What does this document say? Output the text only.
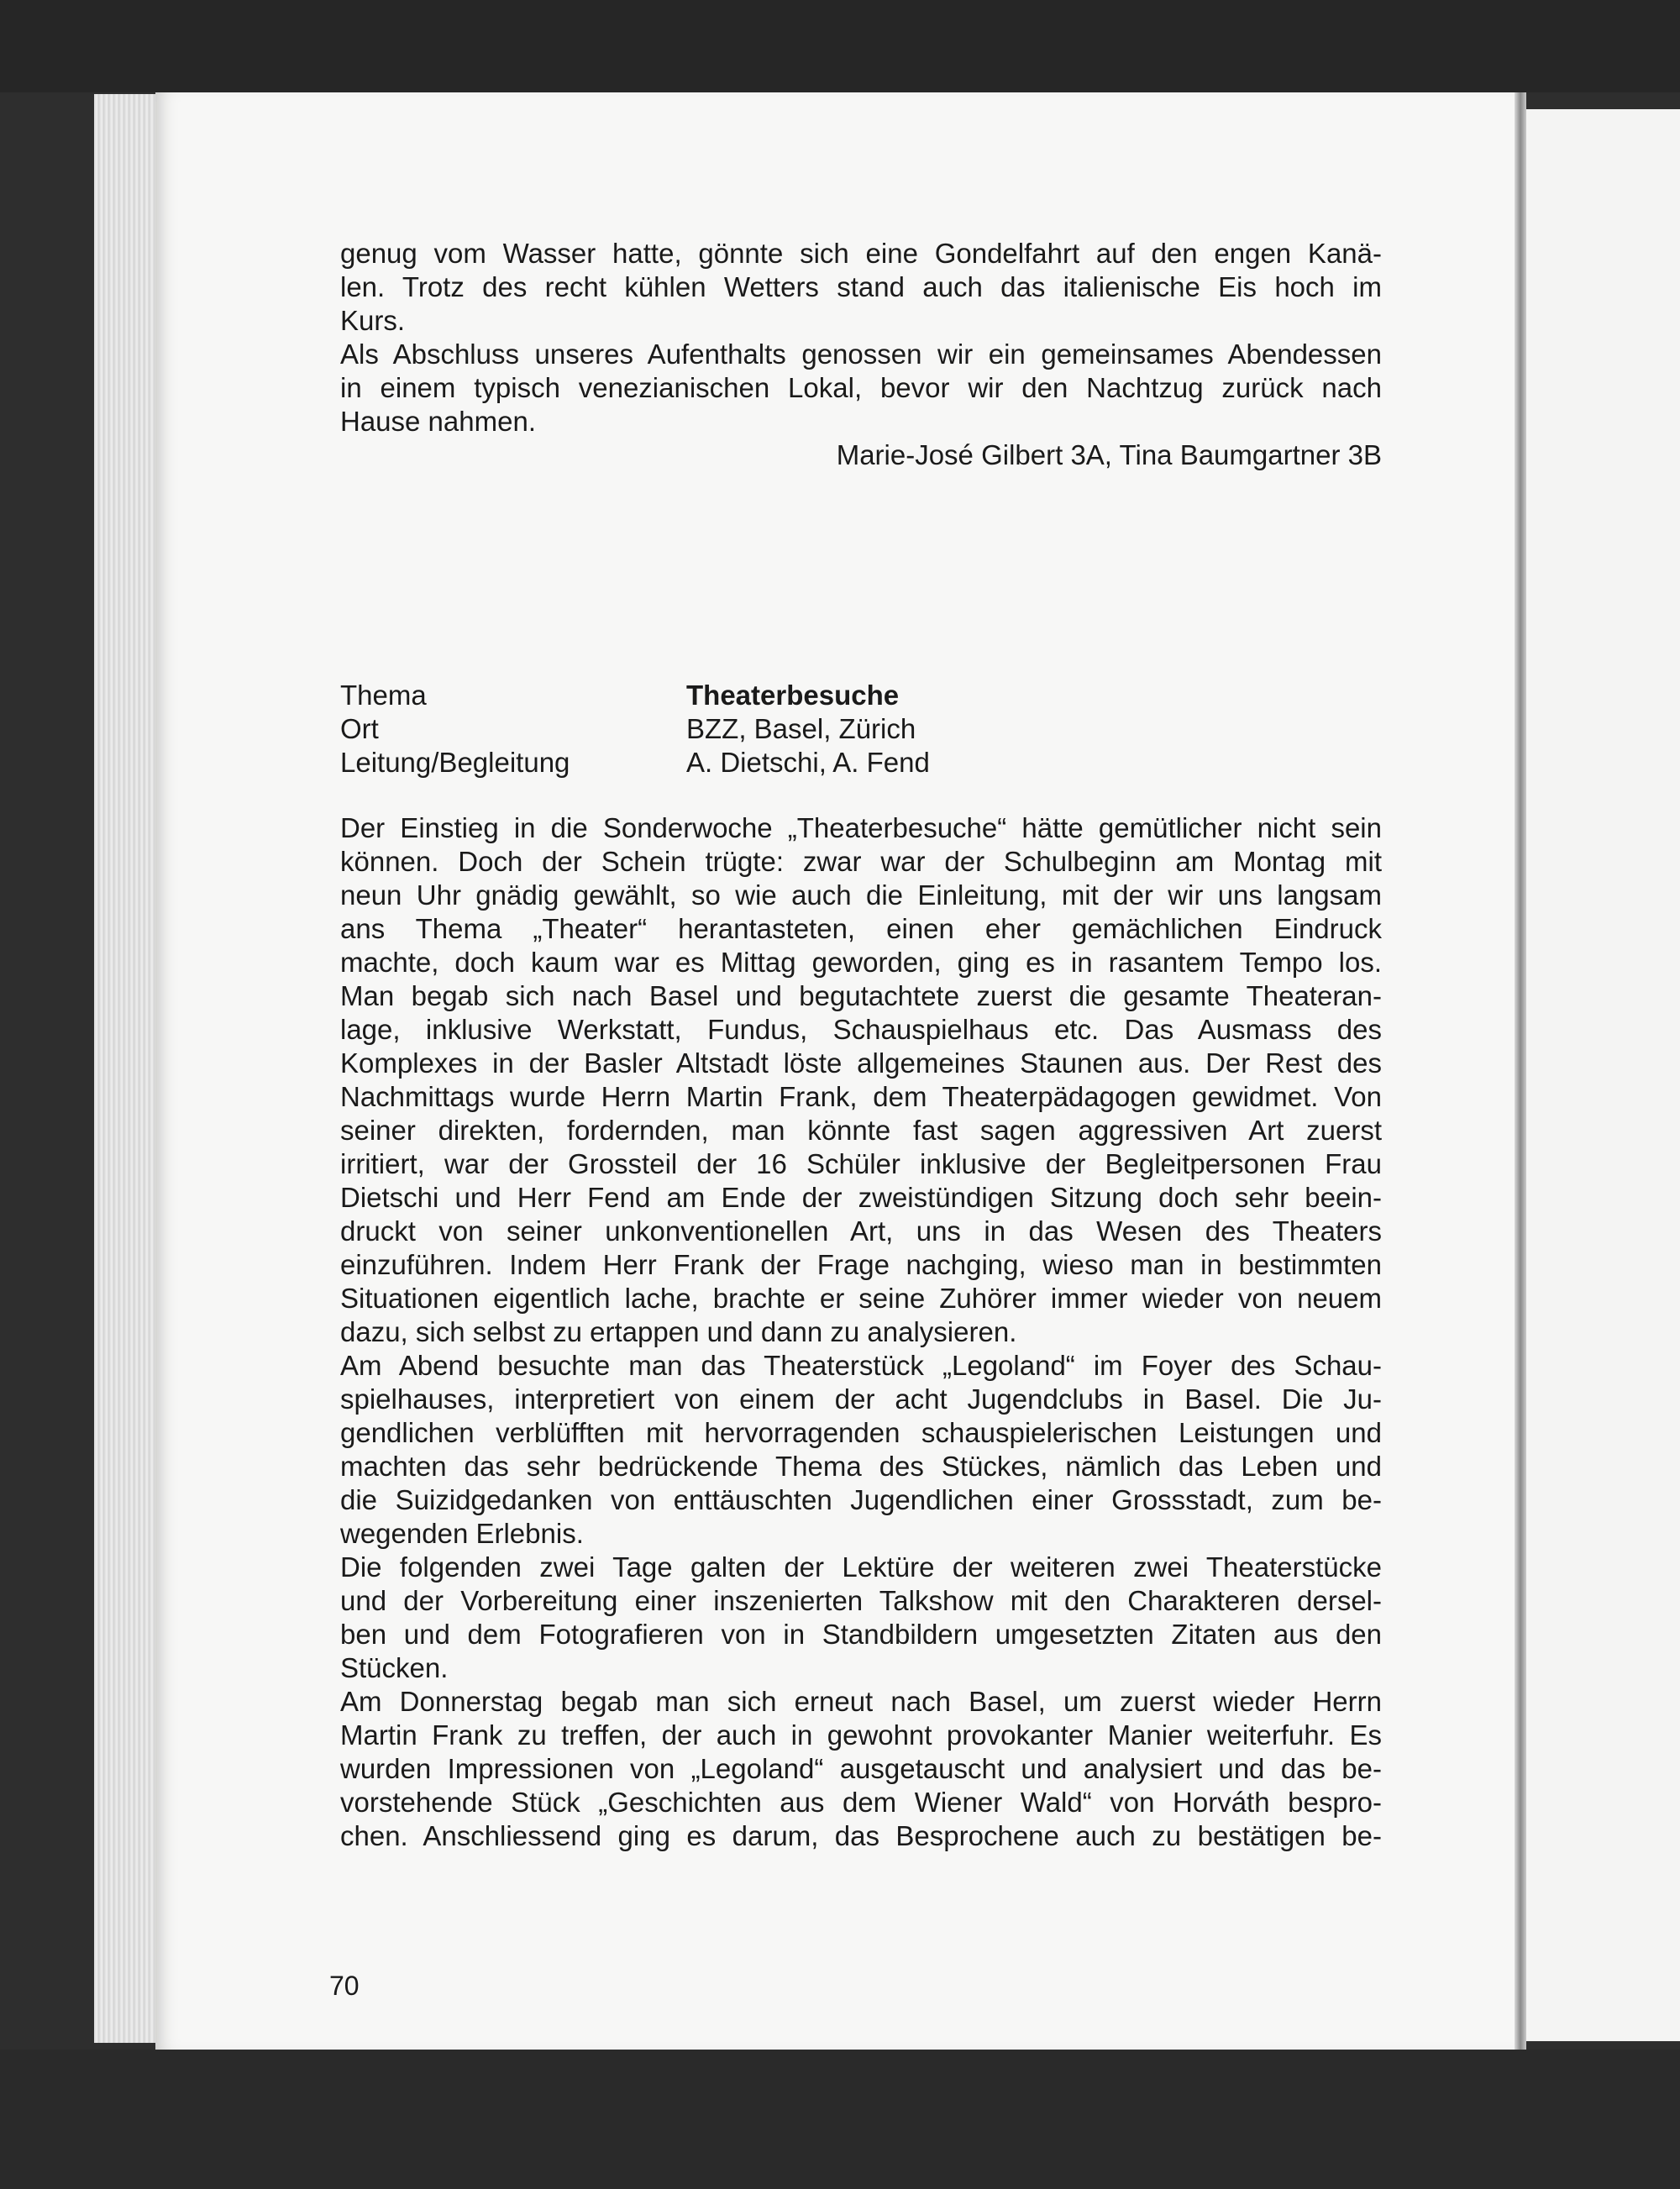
genug vom Wasser hatte, gönnte sich eine Gondelfahrt auf den engen Kanä-
len. Trotz des recht kühlen Wetters stand auch das italienische Eis hoch im
Kurs.
Als Abschluss unseres Aufenthalts genossen wir ein gemeinsames Abendessen
in einem typisch venezianischen Lokal, bevor wir den Nachtzug zurück nach
Hause nahmen.
Marie-José Gilbert 3A, Tina Baumgartner 3B
Thema	Theaterbesuche
Ort	BZZ, Basel, Zürich
Leitung/Begleitung	A. Dietschi, A. Fend
Der Einstieg in die Sonderwoche „Theaterbesuche“ hätte gemütlicher nicht sein
können. Doch der Schein trügte: zwar war der Schulbeginn am Montag mit
neun Uhr gnädig gewählt, so wie auch die Einleitung, mit der wir uns langsam
ans Thema „Theater“ herantasteten, einen eher gemächlichen Eindruck
machte, doch kaum war es Mittag geworden, ging es in rasantem Tempo los.
Man begab sich nach Basel und begutachtete zuerst die gesamte Theateran-
lage, inklusive Werkstatt, Fundus, Schauspielhaus etc. Das Ausmass des
Komplexes in der Basler Altstadt löste allgemeines Staunen aus. Der Rest des
Nachmittags wurde Herrn Martin Frank, dem Theaterpädagogen gewidmet. Von
seiner direkten, fordernden, man könnte fast sagen aggressiven Art zuerst
irritiert, war der Grossteil der 16 Schüler inklusive der Begleitpersonen Frau
Dietschi und Herr Fend am Ende der zweistündigen Sitzung doch sehr beein-
druckt von seiner unkonventionellen Art, uns in das Wesen des Theaters
einzuführen. Indem Herr Frank der Frage nachging, wieso man in bestimmten
Situationen eigentlich lache, brachte er seine Zuhörer immer wieder von neuem
dazu, sich selbst zu ertappen und dann zu analysieren.
Am Abend besuchte man das Theaterstück „Legoland“ im Foyer des Schau-
spielhauses, interpretiert von einem der acht Jugendclubs in Basel. Die Ju-
gendlichen verblüfften mit hervorragenden schauspielerischen Leistungen und
machten das sehr bedrückende Thema des Stückes, nämlich das Leben und
die Suizidgedanken von enttäuschten Jugendlichen einer Grossstadt, zum be-
wegenden Erlebnis.
Die folgenden zwei Tage galten der Lektüre der weiteren zwei Theaterstücke
und der Vorbereitung einer inszenierten Talkshow mit den Charakteren dersel-
ben und dem Fotografieren von in Standbildern umgesetzten Zitaten aus den
Stücken.
Am Donnerstag begab man sich erneut nach Basel, um zuerst wieder Herrn
Martin Frank zu treffen, der auch in gewohnt provokanter Manier weiterfuhr. Es
wurden Impressionen von „Legoland“ ausgetauscht und analysiert und das be-
vorstehende Stück „Geschichten aus dem Wiener Wald“ von Horváth bespro-
chen. Anschliessend ging es darum, das Besprochene auch zu bestätigen be-
70
